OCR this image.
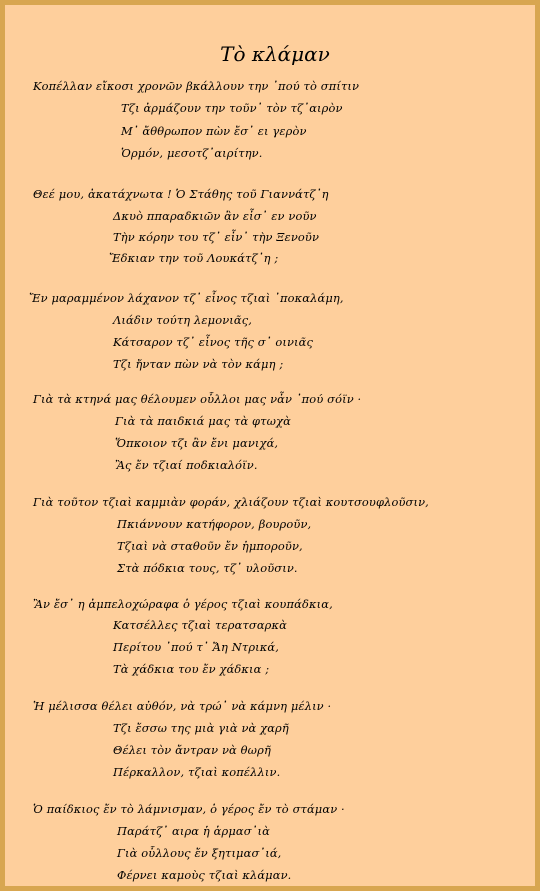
Τὸ κλάμαν
Κοπέλλαν εἴκοσι χρονῶν βκάλλουν την ᾽πού τὸ σπίτιν
Τζι ἀρμάζουν την τοῦν᾽ τὸν τζ᾽αιρὸν
Μ᾽ ἄθθρωπον πὼν ἔσ᾽ ει γερὸν
Ὁρμόν, μεσοτζ᾽αιρίτην.
Θεέ μου, ἀκατάχνωτα ! Ὁ Στάθης τοῦ Γιαννάτζ᾽η
Δκυὸ ππαραδκιῶν ἂν εἶσ᾽ εν νοῦν
Τὴν κόρην του τζ᾽ εἶν᾽ τὴν Ξενοῦν
Ἔδκιαν την τοῦ Λουκάτζ᾽η ;
Ἔν μαραμμένον λάχανον τζ᾽ εἶνος τζιαὶ ᾽ποκαλάμη,
Λιάδιν τούτη λεμονιᾶς,
Κάτσαρον τζ᾽ εἶνος τῆς σ᾽ οινιᾶς
Τζι ἤνταν πὼν νὰ τὸν κάμη ;
Γιὰ τὰ κτηνά μας θέλουμεν οὗλλοι μας νἆν ᾽πού σόϊν ·
Γιὰ τὰ παιδκιά μας τὰ φτωχὰ
Ὅπκοιον τζι ἂν ἔνι μανιχά,
Ἂς ἔν τζιαί ποδκιαλόϊν.
Γιὰ τοῦτον τζιαὶ καμμιὰν φοράν, χλιάζουν τζιαὶ κουτσουφλοῦσιν,
Πκιάννουν κατήφορον, βουροῦν,
Τζιαὶ νὰ σταθοῦν ἔν ἠμποροῦν,
Στὰ πόδκια τους, τζ᾽ υλοῦσιν.
Ἂν ἔσ᾽ η ἀμπελοχώραφα ὁ γέρος τζιαὶ κουπάδκια,
Κατσέλλες τζιαὶ τερατσαρκὰ
Περίτου ᾽πού τ᾽ Ἄη Ντρικά,
Τὰ χάδκια του ἔν χάδκια ;
Ἡ μέλισσα θέλει αὐθόν, νὰ τρώ᾽ νὰ κάμνη μέλιν ·
Τζι ἔσσω της μιὰ γιὰ νὰ χαρῆ
Θέλει τὸν ἄντραν νὰ θωρῆ
Πέρκαλλον, τζιαὶ κοπέλλιν.
Ὁ παίδκιος ἔν τὸ λάμνισμαν, ὁ γέρος ἔν τὸ στάμαν ·
Παράτζ᾽ αιρα ἡ ἁρμασ᾽ιὰ
Γιὰ οὗλλους ἔν ξητιμασ᾽ιά,
Φέρνει καμοὺς τζιαὶ κλάμαν.
